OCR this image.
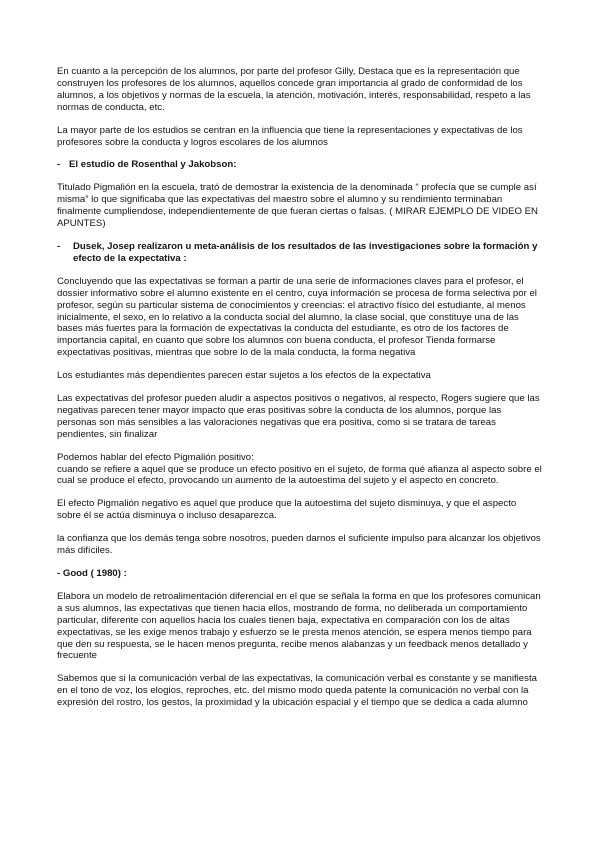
En cuanto a la percepción de los alumnos, por parte del profesor Gilly, Destaca que es la representación que construyen los profesores de los alumnos, aquellos concede gran importancia al grado de conformidad de los alumnos, a los objetivos y normas de la escuela, la atención, motivación, interés, responsabilidad, respeto a las normas de conducta, etc.

La mayor parte de los estudios se centran en la influencia que tiene la representaciones y expectativas de los profesores sobre la conducta y logros escolares de los alumnos

- El estudio de Rosenthal y Jakobson:

Titulado Pigmalión en la escuela, trató de demostrar la existencia de la denominada “ profecía que se cumple así misma” lo que significaba que las expectativas del maestro sobre el alumno y su rendimiento terminaban finalmente cumpliendose, independientemente de que fueran ciertas o falsas. ( MIRAR EJEMPLO DE VIDEO EN APUNTES)

- Dusek, Josep realizaron u meta-análisis de los resultados de las investigaciones sobre la formación y efecto de la expectativa :

Concluyendo que las expectativas se forman a partir de una serie de informaciones claves para el profesor, el dossier informativo sobre el alumno existente en el centro, cuya información se procesa de forma selectiva por el profesor, según su particular sistema de conocimientos y creencias: el atractivo físico del estudiante, al menos inicialmente, el sexo, en lo relativo a la conducta social del alumno, la clase social, que constituye una de las bases más fuertes para la formación de expectativas la conducta del estudiante, es otro de los factores de importancia capital, en cuanto que sobre los alumnos con buena conducta, el profesor Tienda formarse expectativas positivas, mientras que sobre lo de la mala conducta, la forma negativa

Los estudiantes más dependientes parecen estar sujetos a los efectos de la expectativa

Las expectativas del profesor pueden aludir a aspectos positivos o negativos, al respecto, Rogers sugiere que las negativas parecen tener mayor impacto que eras positivas sobre la conducta de los alumnos, porque las personas son más sensibles a las valoraciones negativas que era positiva, como si se tratara de tareas pendientes, sin finalizar

Podemos hablar del efecto Pigmalión positivo:

cuando se refiere a aquel que se produce un efecto positivo en el sujeto, de forma qué afianza al aspecto sobre el cual se produce el efecto, provocando un aumento de la autoestima del sujeto y el aspecto en concreto.

El efecto Pigmalión negativo es aquel que produce que la autoestima del sujeto disminuya, y que el aspecto sobre él se actúa disminuya o incluso desaparezca.

la confianza que los demás tenga sobre nosotros, pueden darnos el suficiente impulso para alcanzar los objetivos más difíciles.

- Good ( 1980) :

Elabora un modelo de retroalimentación diferencial en el que se señala la forma en que los profesores comunican a sus alumnos, las expectativas que tienen hacia ellos, mostrando de forma, no deliberada un comportamiento particular, diferente con aquellos hacia los cuales tienen baja, expectativa en comparación con los de altas expectativas, se les exige menos trabajo y esfuerzo se le presta menos atención, se espera menos tiempo para que den su respuesta, se le hacen menos pregunta, recibe menos alabanzas y un feedback menos detallado y frecuente

Sabemos que si la comunicación verbal de las expectativas, la comunicación verbal es constante y se manifiesta en el tono de voz, los elogios, reproches, etc. del mismo modo queda patente la comunicación no verbal con la expresión del rostro, los gestos, la proximidad y la ubicación espacial y el tiempo que se dedica a cada alumno
